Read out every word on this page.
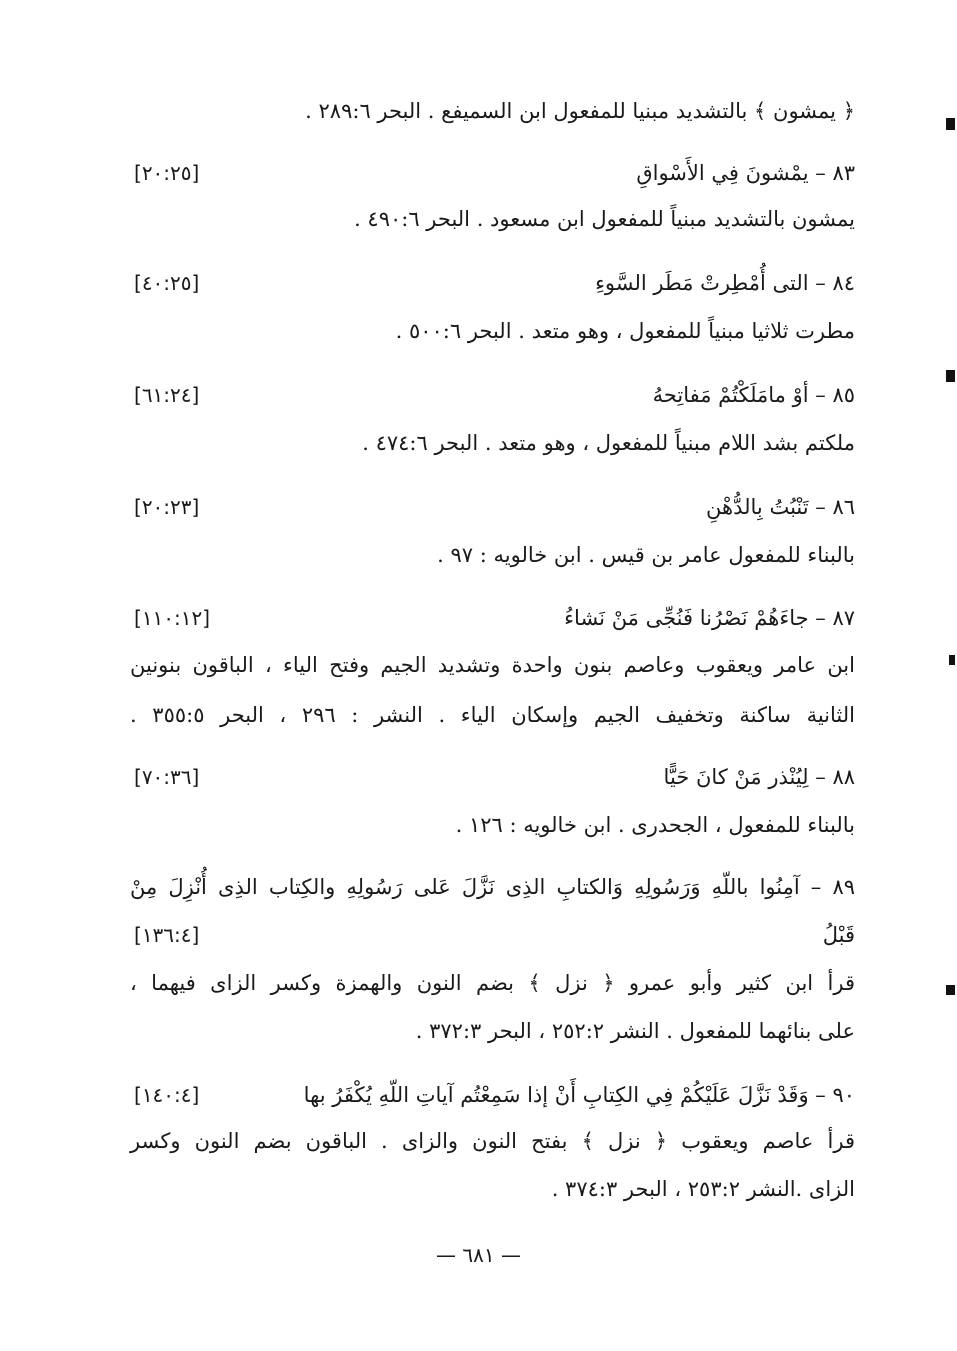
﴿ يمشون ﴾ بالتشديد مبنيا للمفعول ابن السميفع . البحر ٢٨٩:٦ .
٨٣ – يمْشونَ فِي الأَسْواقِ
[٢٠:٢٥]
يمشون بالتشديد مبنياً للمفعول ابن مسعود . البحر ٤٩٠:٦ .
٨٤ – التى أُمْطِرتْ مَطَر السَّوءِ
[٤٠:٢٥]
مطرت ثلاثيا مبنياً للمفعول ، وهو متعد . البحر ٥٠٠:٦ .
٨٥ – أوْ مامَلَكْتُمْ مَفاتِحهُ
[٦١:٢٤]
ملكتم بشد اللام مبنياً للمفعول ، وهو متعد . البحر ٤٧٤:٦ .
٨٦ – تَنْبُتُ بِالدُّهْنِ
[٢٠:٢٣]
بالبناء للمفعول عامر بن قيس . ابن خالويه : ٩٧ .
٨٧ – جاءَهُمْ نَصْرُنا فَنُجِّى مَنْ نَشاءُ
[١١٠:١٢]
ابن عامر ويعقوب وعاصم بنون واحدة وتشديد الجيم وفتح الياء ، الباقون بنونين
الثانية ساكنة وتخفيف الجيم وإسكان الياء . النشر : ٢٩٦ ، البحر ٣٥٥:٥ .
٨٨ – لِيُنْذر مَنْ كانَ حَيًّا
[٧٠:٣٦]
بالبناء للمفعول ، الجحدرى . ابن خالويه : ١٢٦ .
٨٩ – آمِنُوا باللّهِ وَرَسُولِهِ وَالكتابِ الذِى نَزَّلَ عَلى رَسُولِهِ والكِتاب الذِى أُنْزِلَ مِنْ
قَبْلُ
[١٣٦:٤]
قرأ ابن كثير وأبو عمرو ﴿ نزل ﴾ بضم النون والهمزة وكسر الزاى فيهما ،
على بنائهما للمفعول . النشر ٢٥٢:٢ ، البحر ٣٧٢:٣ .
٩٠ – وَقَدْ نَزَّلَ عَلَيْكُمْ فِي الكِتابِ أَنْ إذا سَمِعْتُم آياتِ اللّهِ يُكْفَرُ بها
[١٤٠:٤]
قرأ عاصم ويعقوب ﴿ نزل ﴾ بفتح النون والزاى . الباقون بضم النون وكسر
الزاى .النشر ٢٥٣:٢ ، البحر ٣٧٤:٣ .
— ٦٨١ —
